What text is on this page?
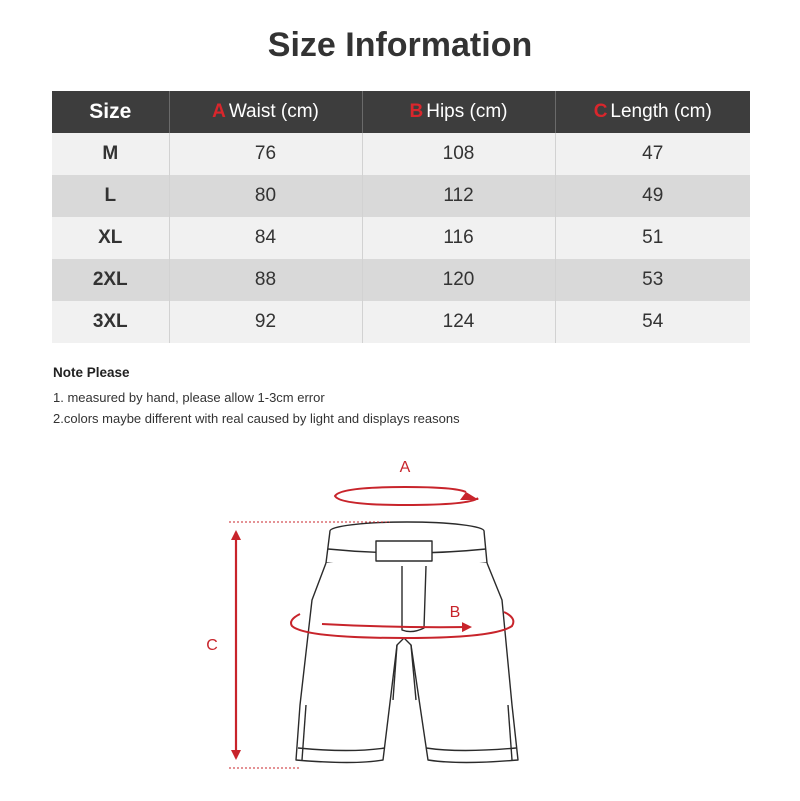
Size Information
Size	A Waist (cm)	B Hips (cm)	C Length (cm)
M	76	108	47
L	80	112	49
XL	84	116	51
2XL	88	120	53
3XL	92	124	54
Note Please
1. measured by hand, please allow 1-3cm error
2.colors maybe different with real caused by light and displays reasons
A
B
C
